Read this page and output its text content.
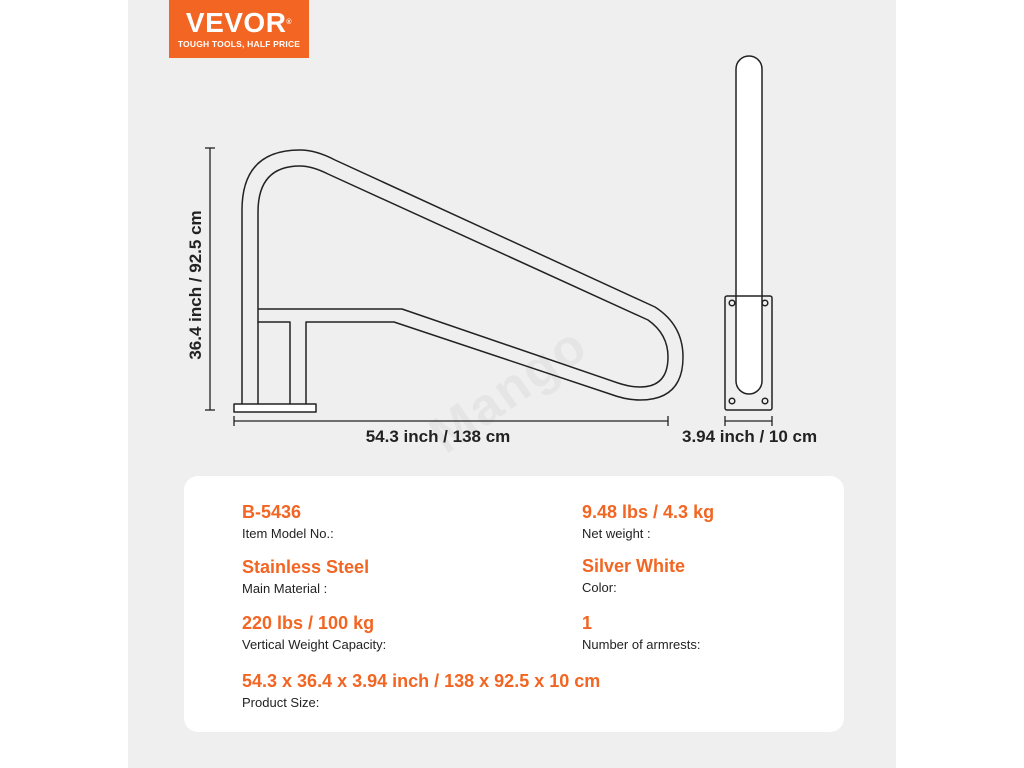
VEVOR®
TOUGH TOOLS, HALF PRICE
36.4 inch / 92.5 cm
54.3 inch / 138 cm	3.94 inch / 10 cm
B-5436
Item Model No.:
9.48 lbs / 4.3 kg
Net weight :
Stainless Steel
Main Material :
Silver White
Color:
220 lbs / 100 kg
Vertical Weight Capacity:
1
Number of armrests:
54.3 x 36.4 x 3.94 inch / 138 x 92.5 x 10 cm
Product Size:
